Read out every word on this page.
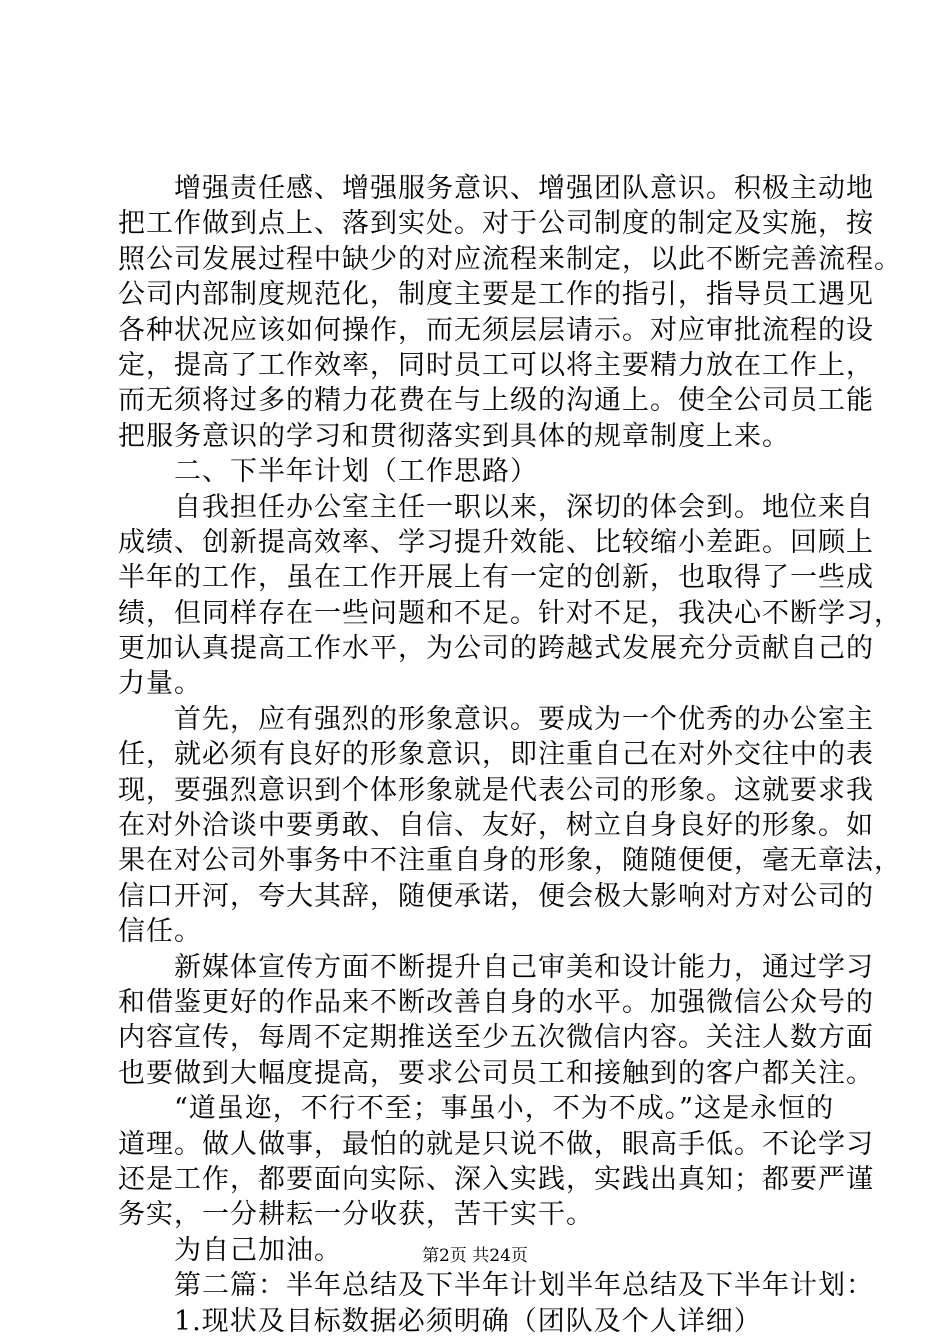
增强责任感、增强服务意识、增强团队意识。积极主动地
把工作做到点上、落到实处。对于公司制度的制定及实施，按
照公司发展过程中缺少的对应流程来制定，以此不断完善流程。
公司内部制度规范化，制度主要是工作的指引，指导员工遇见
各种状况应该如何操作，而无须层层请示。对应审批流程的设
定，提高了工作效率，同时员工可以将主要精力放在工作上，
而无须将过多的精力花费在与上级的沟通上。使全公司员工能
把服务意识的学习和贯彻落实到具体的规章制度上来。
二、下半年计划（工作思路）
自我担任办公室主任一职以来，深切的体会到。地位来自
成绩、创新提高效率、学习提升效能、比较缩小差距。回顾上
半年的工作，虽在工作开展上有一定的创新，也取得了一些成
绩，但同样存在一些问题和不足。针对不足，我决心不断学习，
更加认真提高工作水平，为公司的跨越式发展充分贡献自己的
力量。
首先，应有强烈的形象意识。要成为一个优秀的办公室主
任，就必须有良好的形象意识，即注重自己在对外交往中的表
现，要强烈意识到个体形象就是代表公司的形象。这就要求我
在对外洽谈中要勇敢、自信、友好，树立自身良好的形象。如
果在对公司外事务中不注重自身的形象，随随便便，毫无章法，
信口开河，夸大其辞，随便承诺，便会极大影响对方对公司的
信任。
新媒体宣传方面不断提升自己审美和设计能力，通过学习
和借鉴更好的作品来不断改善自身的水平。加强微信公众号的
内容宣传，每周不定期推送至少五次微信内容。关注人数方面
也要做到大幅度提高，要求公司员工和接触到的客户都关注。
“道虽迩，不行不至；事虽小，不为不成。”这是永恒的
道理。做人做事，最怕的就是只说不做，眼高手低。不论学习
还是工作，都要面向实际、深入实践，实践出真知；都要严谨
务实，一分耕耘一分收获，苦干实干。
为自己加油。
第二篇：半年总结及下半年计划半年总结及下半年计划：
1.现状及目标数据必须明确（团队及个人详细）
第2页 共24页
